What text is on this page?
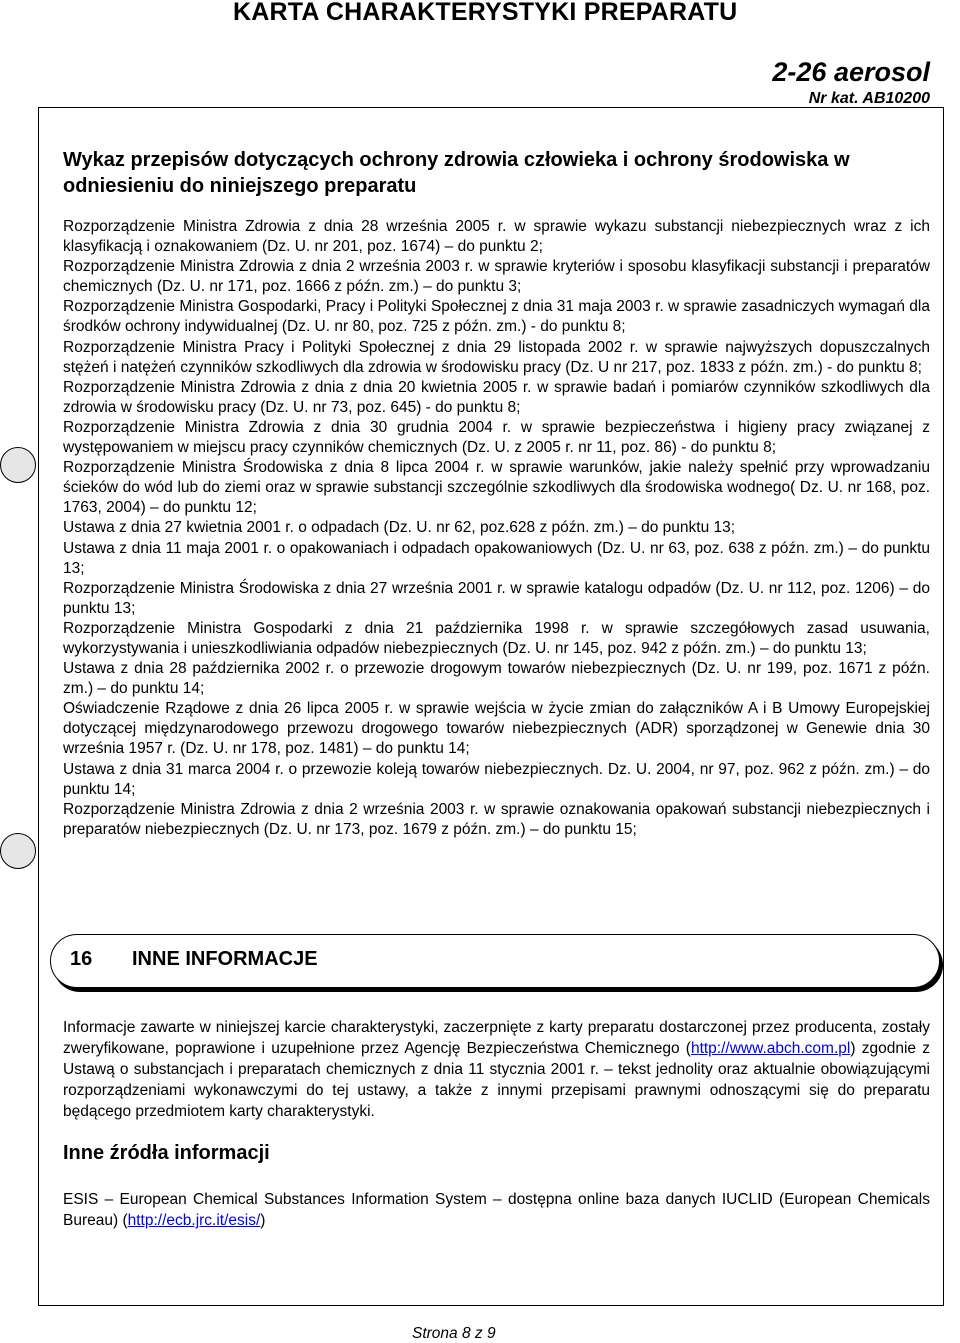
KARTA CHARAKTERYSTYKI PREPARATU
2-26 aerosol
Nr kat. AB10200
Wykaz przepisów dotyczących ochrony zdrowia człowieka i ochrony środowiska w odniesieniu do niniejszego preparatu

Rozporządzenie Ministra Zdrowia z dnia 28 września 2005 r. w sprawie wykazu substancji niebezpiecznych wraz z ich klasyfikacją i oznakowaniem (Dz. U. nr 201, poz. 1674) – do punktu 2;

Rozporządzenie Ministra Zdrowia z dnia 2 września 2003 r. w sprawie kryteriów i sposobu klasyfikacji substancji i preparatów chemicznych (Dz. U. nr 171, poz. 1666 z późn. zm.) – do punktu 3;

Rozporządzenie Ministra Gospodarki, Pracy i Polityki Społecznej z dnia 31 maja 2003 r. w sprawie zasadniczych wymagań dla środków ochrony indywidualnej (Dz. U. nr 80, poz. 725 z późn. zm.) - do punktu 8;

Rozporządzenie Ministra Pracy i Polityki Społecznej z dnia 29 listopada 2002 r. w sprawie najwyższych dopuszczalnych stężeń i natężeń czynników szkodliwych dla zdrowia w środowisku pracy (Dz. U nr 217, poz. 1833 z późn. zm.) - do punktu 8;

Rozporządzenie Ministra Zdrowia z dnia z dnia 20 kwietnia 2005 r. w sprawie badań i pomiarów czynników szkodliwych dla zdrowia w środowisku pracy (Dz. U. nr 73, poz. 645) - do punktu 8;

Rozporządzenie Ministra Zdrowia z dnia 30 grudnia 2004 r. w sprawie bezpieczeństwa i higieny pracy związanej z występowaniem w miejscu pracy czynników chemicznych (Dz. U. z 2005 r. nr 11, poz. 86) - do punktu 8;

Rozporządzenie Ministra Środowiska z dnia 8 lipca 2004 r. w sprawie warunków, jakie należy spełnić przy wprowadzaniu ścieków do wód lub do ziemi oraz w sprawie substancji szczególnie szkodliwych dla środowiska wodnego( Dz. U. nr 168, poz. 1763, 2004) – do punktu 12;

Ustawa z dnia 27 kwietnia 2001 r. o odpadach (Dz. U. nr 62, poz.628 z późn. zm.) – do punktu 13;

Ustawa z dnia 11 maja 2001 r. o opakowaniach i odpadach opakowaniowych (Dz. U. nr 63, poz. 638 z późn. zm.) – do punktu 13;

Rozporządzenie Ministra Środowiska z dnia 27 września 2001 r. w sprawie katalogu odpadów (Dz. U. nr 112, poz. 1206) – do punktu 13;

Rozporządzenie Ministra Gospodarki z dnia 21 października 1998 r. w sprawie szczegółowych zasad usuwania, wykorzystywania i unieszkodliwiania odpadów niebezpiecznych (Dz. U. nr 145, poz. 942 z późn. zm.) – do punktu 13;

Ustawa z dnia 28 października 2002 r. o przewozie drogowym towarów niebezpiecznych (Dz. U. nr 199, poz. 1671 z późn. zm.) – do punktu 14;

Oświadczenie Rządowe z dnia 26 lipca 2005 r. w sprawie wejścia w życie zmian do załączników A i B Umowy Europejskiej dotyczącej międzynarodowego przewozu drogowego towarów niebezpiecznych (ADR) sporządzonej w Genewie dnia 30 września 1957 r. (Dz. U. nr 178, poz. 1481) – do punktu 14;

Ustawa z dnia 31 marca 2004 r. o przewozie koleją towarów niebezpiecznych. Dz. U. 2004, nr 97, poz. 962 z późn. zm.) – do punktu 14;

Rozporządzenie Ministra Zdrowia z dnia 2 września 2003 r. w sprawie oznakowania opakowań substancji niebezpiecznych i preparatów niebezpiecznych (Dz. U. nr 173, poz. 1679 z późn. zm.) – do punktu 15;

16 INNE INFORMACJE

Informacje zawarte w niniejszej karcie charakterystyki, zaczerpnięte z karty preparatu dostarczonej przez producenta, zostały zweryfikowane, poprawione i uzupełnione przez Agencję Bezpieczeństwa Chemicznego (http://www.abch.com.pl) zgodnie z Ustawą o substancjach i preparatach chemicznych z dnia 11 stycznia 2001 r. – tekst jednolity oraz aktualnie obowiązującymi rozporządzeniami wykonawczymi do tej ustawy, a także z innymi przepisami prawnymi odnoszącymi się do preparatu będącego przedmiotem karty charakterystyki.

Inne źródła informacji

ESIS – European Chemical Substances Information System – dostępna online baza danych IUCLID (European Chemicals Bureau) (http://ecb.jrc.it/esis/)

Strona 8 z 9
